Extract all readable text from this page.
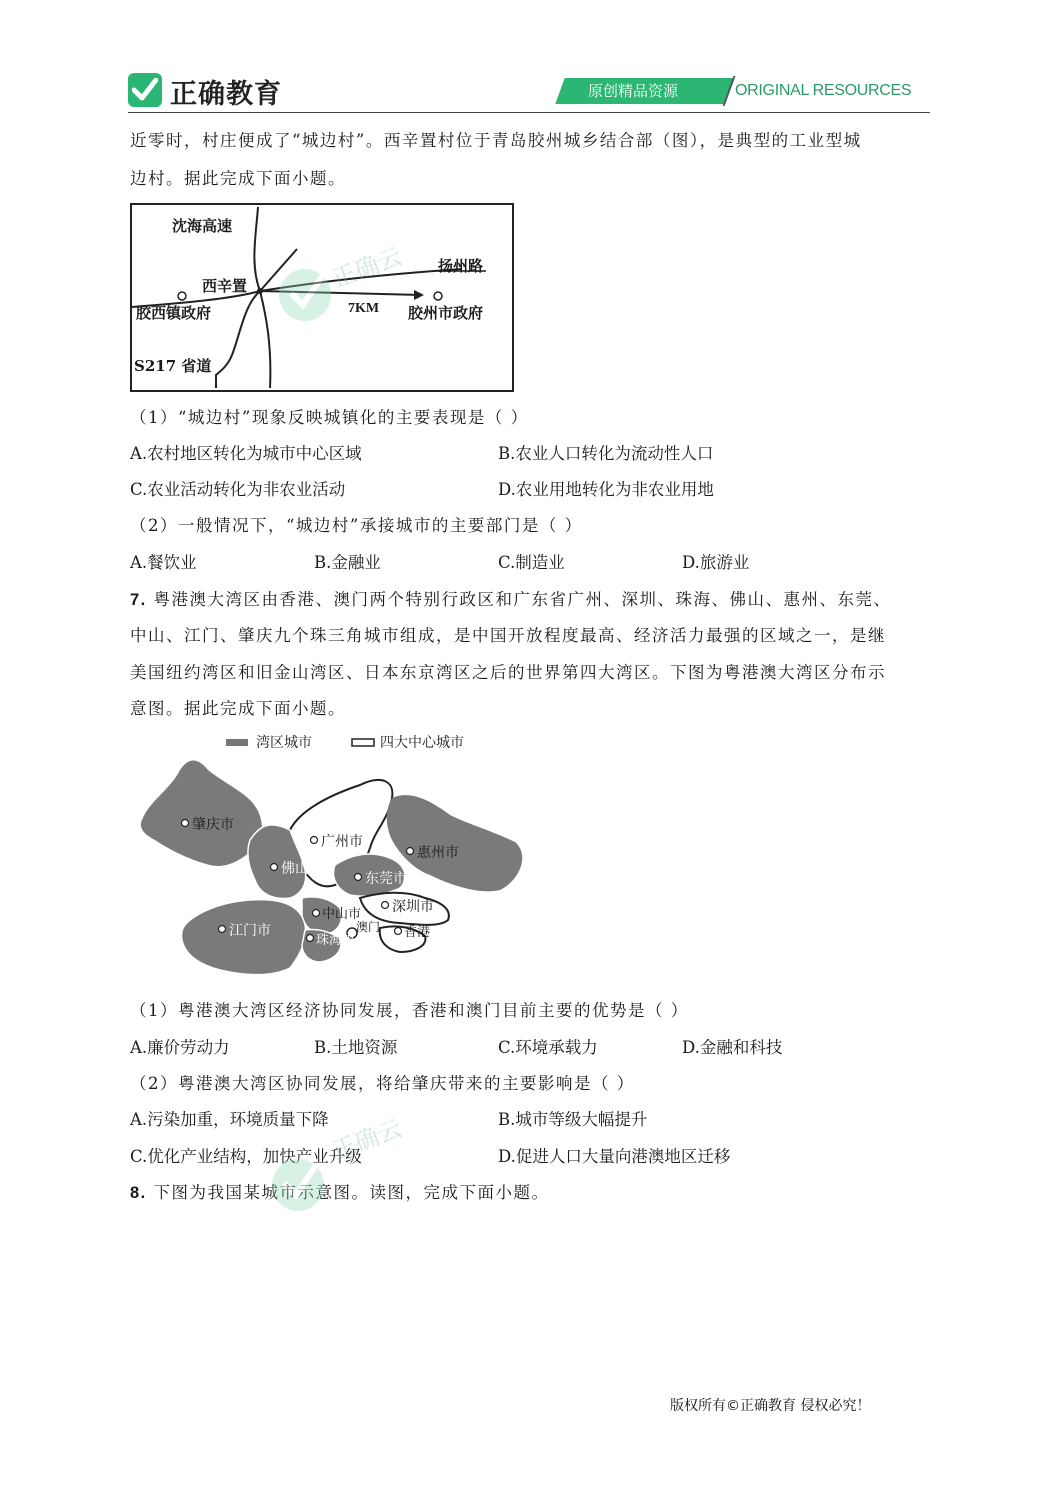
正确教育	原创精品资源	ORIGINAL RESOURCES
近零时，村庄便成了“城边村”。西辛置村位于青岛胶州城乡结合部（图），是典型的工业型城
边村。据此完成下面小题。
沈海高速
西辛置
扬州路
胶西镇政府	7KM 胶州市政府
S217 省道
（1）“城边村”现象反映城镇化的主要表现是（ ）
A.农村地区转化为城市中心区域	B.农业人口转化为流动性人口
C.农业活动转化为非农业活动	D.农业用地转化为非农业用地
（2）一般情况下，“城边村”承接城市的主要部门是（ ）
A.餐饮业	B.金融业	C.制造业	D.旅游业
7. 粤港澳大湾区由香港、澳门两个特别行政区和广东省广州、深圳、珠海、佛山、惠州、东莞、
中山、江门、肇庆九个珠三角城市组成，是中国开放程度最高、经济活力最强的区域之一，是继
美国纽约湾区和旧金山湾区、日本东京湾区之后的世界第四大湾区。下图为粤港澳大湾区分布示
意图。据此完成下面小题。
湾区城市	四大中心城市
肇庆市
广州市
惠州市
佛山市
东莞市
中山市 深圳市
江门市	澳门 香港
珠海市
（1）粤港澳大湾区经济协同发展，香港和澳门目前主要的优势是（ ）
A.廉价劳动力	B.土地资源	C.环境承载力	D.金融和科技
（2）粤港澳大湾区协同发展，将给肇庆带来的主要影响是（ ）
A.污染加重，环境质量下降	B.城市等级大幅提升
C.优化产业结构，加快产业升级	D.促进人口大量向港澳地区迁移
8. 下图为我国某城市示意图。读图，完成下面小题。
正确云
正确云
版权所有©正确教育 侵权必究！
